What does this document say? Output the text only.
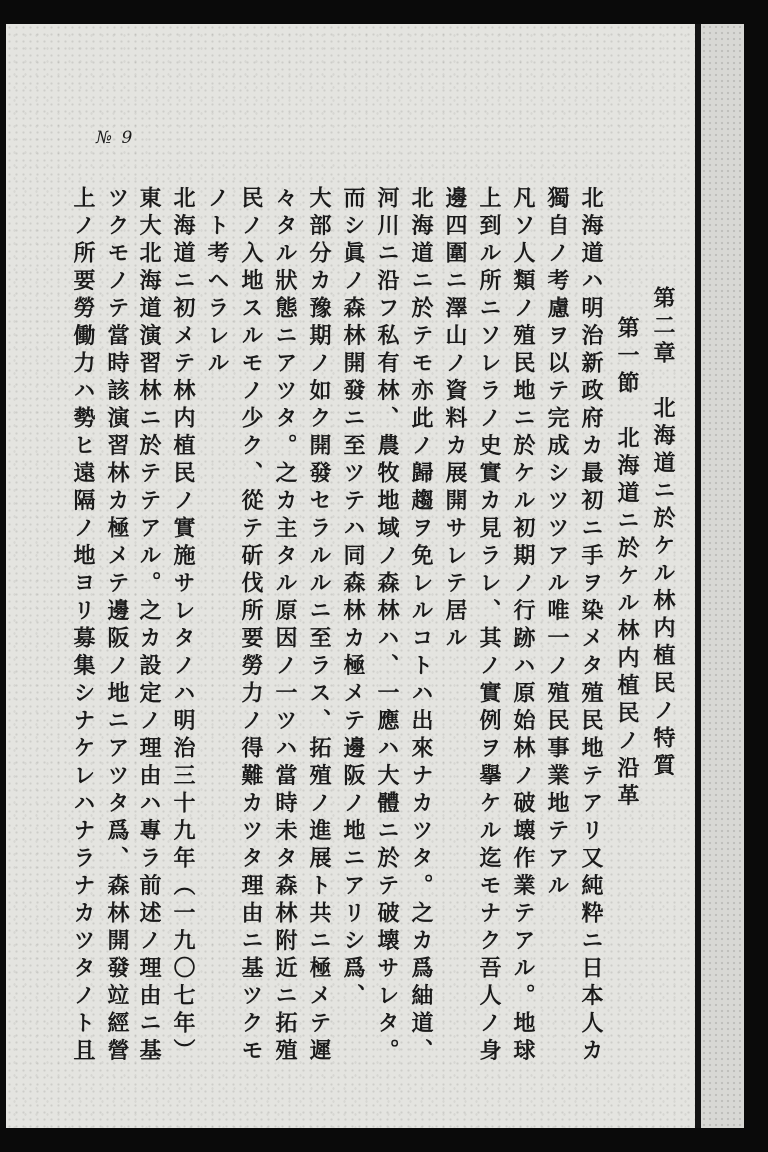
№ 9
第二章　北海道ニ於ケル林内植民ノ特質
第一節　北海道ニ於ケル林内植民ノ沿革
北海道ハ明治新政府カ最初ニ手ヲ染メタ殖民地テアリ又純粋ニ日本人カ
獨自ノ考慮ヲ以テ完成シツツアル唯一ノ殖民事業地テアル
凡ソ人類ノ殖民地ニ於ケル初期ノ行跡ハ原始林ノ破壊作業テアル。地球
上到ル所ニソレラノ史實カ見ラレ、其ノ實例ヲ擧ケル迄モナク吾人ノ身
邊四圍ニ澤山ノ資料カ展開サレテ居ル
北海道ニ於テモ亦此ノ歸趨ヲ免レルコトハ出來ナカツタ。之カ爲紬道、
河川ニ沿フ私有林、農牧地域ノ森林ハ、一應ハ大體ニ於テ破壊サレタ。
而シ眞ノ森林開發ニ至ツテハ同森林カ極メテ邊阪ノ地ニアリシ爲、
大部分カ豫期ノ如ク開發セラルルニ至ラス、拓殖ノ進展ト共ニ極メテ遲
々タル狀態ニアツタ。之カ主タル原因ノ一ツハ當時未タ森林附近ニ拓殖
民ノ入地スルモノ少ク、從テ斫伐所要勞力ノ得難カツタ理由ニ基ツクモ
ノト考ヘラレル
北海道ニ初メテ林内植民ノ實施サレタノハ明治三十九年（一九〇七年）
東大北海道演習林ニ於テテアル。之カ設定ノ理由ハ專ラ前述ノ理由ニ基
ツクモノテ當時該演習林カ極メテ邊阪ノ地ニアツタ爲、森林開發竝經營
上ノ所要勞働力ハ勢ヒ遠隔ノ地ヨリ募集シナケレハナラナカツタノト且
